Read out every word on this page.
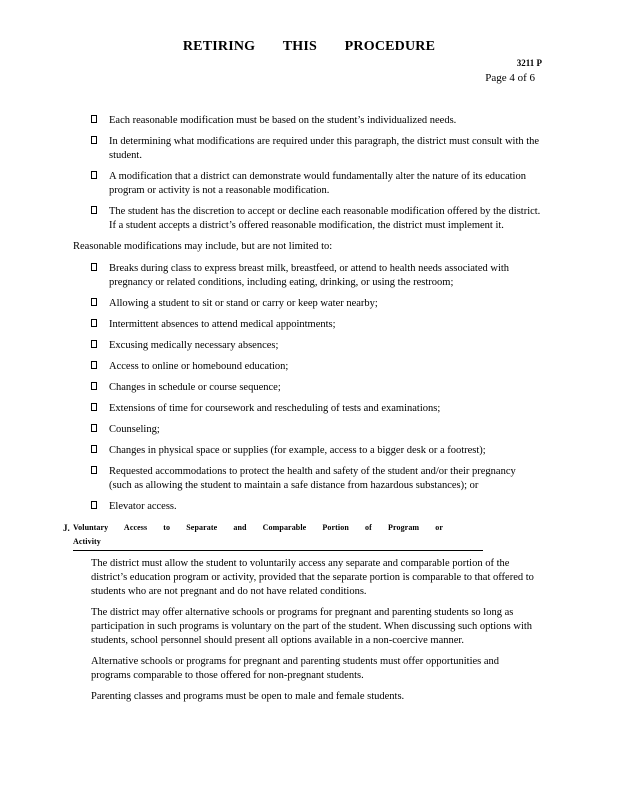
RETIRING THIS PROCEDURE
3211 P
Page 4 of 6
Each reasonable modification must be based on the student’s individualized needs.
In determining what modifications are required under this paragraph, the district must consult with the student.
A modification that a district can demonstrate would fundamentally alter the nature of its education program or activity is not a reasonable modification.
The student has the discretion to accept or decline each reasonable modification offered by the district. If a student accepts a district’s offered reasonable modification, the district must implement it.
Reasonable modifications may include, but are not limited to:
Breaks during class to express breast milk, breastfeed, or attend to health needs associated with pregnancy or related conditions, including eating, drinking, or using the restroom;
Allowing a student to sit or stand or carry or keep water nearby;
Intermittent absences to attend medical appointments;
Excusing medically necessary absences;
Access to online or homebound education;
Changes in schedule or course sequence;
Extensions of time for coursework and rescheduling of tests and examinations;
Counseling;
Changes in physical space or supplies (for example, access to a bigger desk or a footrest);
Requested accommodations to protect the health and safety of the student and/or their pregnancy (such as allowing the student to maintain a safe distance from hazardous substances); or
Elevator access.
J. Voluntary Access to Separate and Comparable Portion of Program or Activity
The district must allow the student to voluntarily access any separate and comparable portion of the district’s education program or activity, provided that the separate portion is comparable to that offered to students who are not pregnant and do not have related conditions.
The district may offer alternative schools or programs for pregnant and parenting students so long as participation in such programs is voluntary on the part of the student. When discussing such options with students, school personnel should present all options available in a non-coercive manner.
Alternative schools or programs for pregnant and parenting students must offer opportunities and programs comparable to those offered for non-pregnant students.
Parenting classes and programs must be open to male and female students.
